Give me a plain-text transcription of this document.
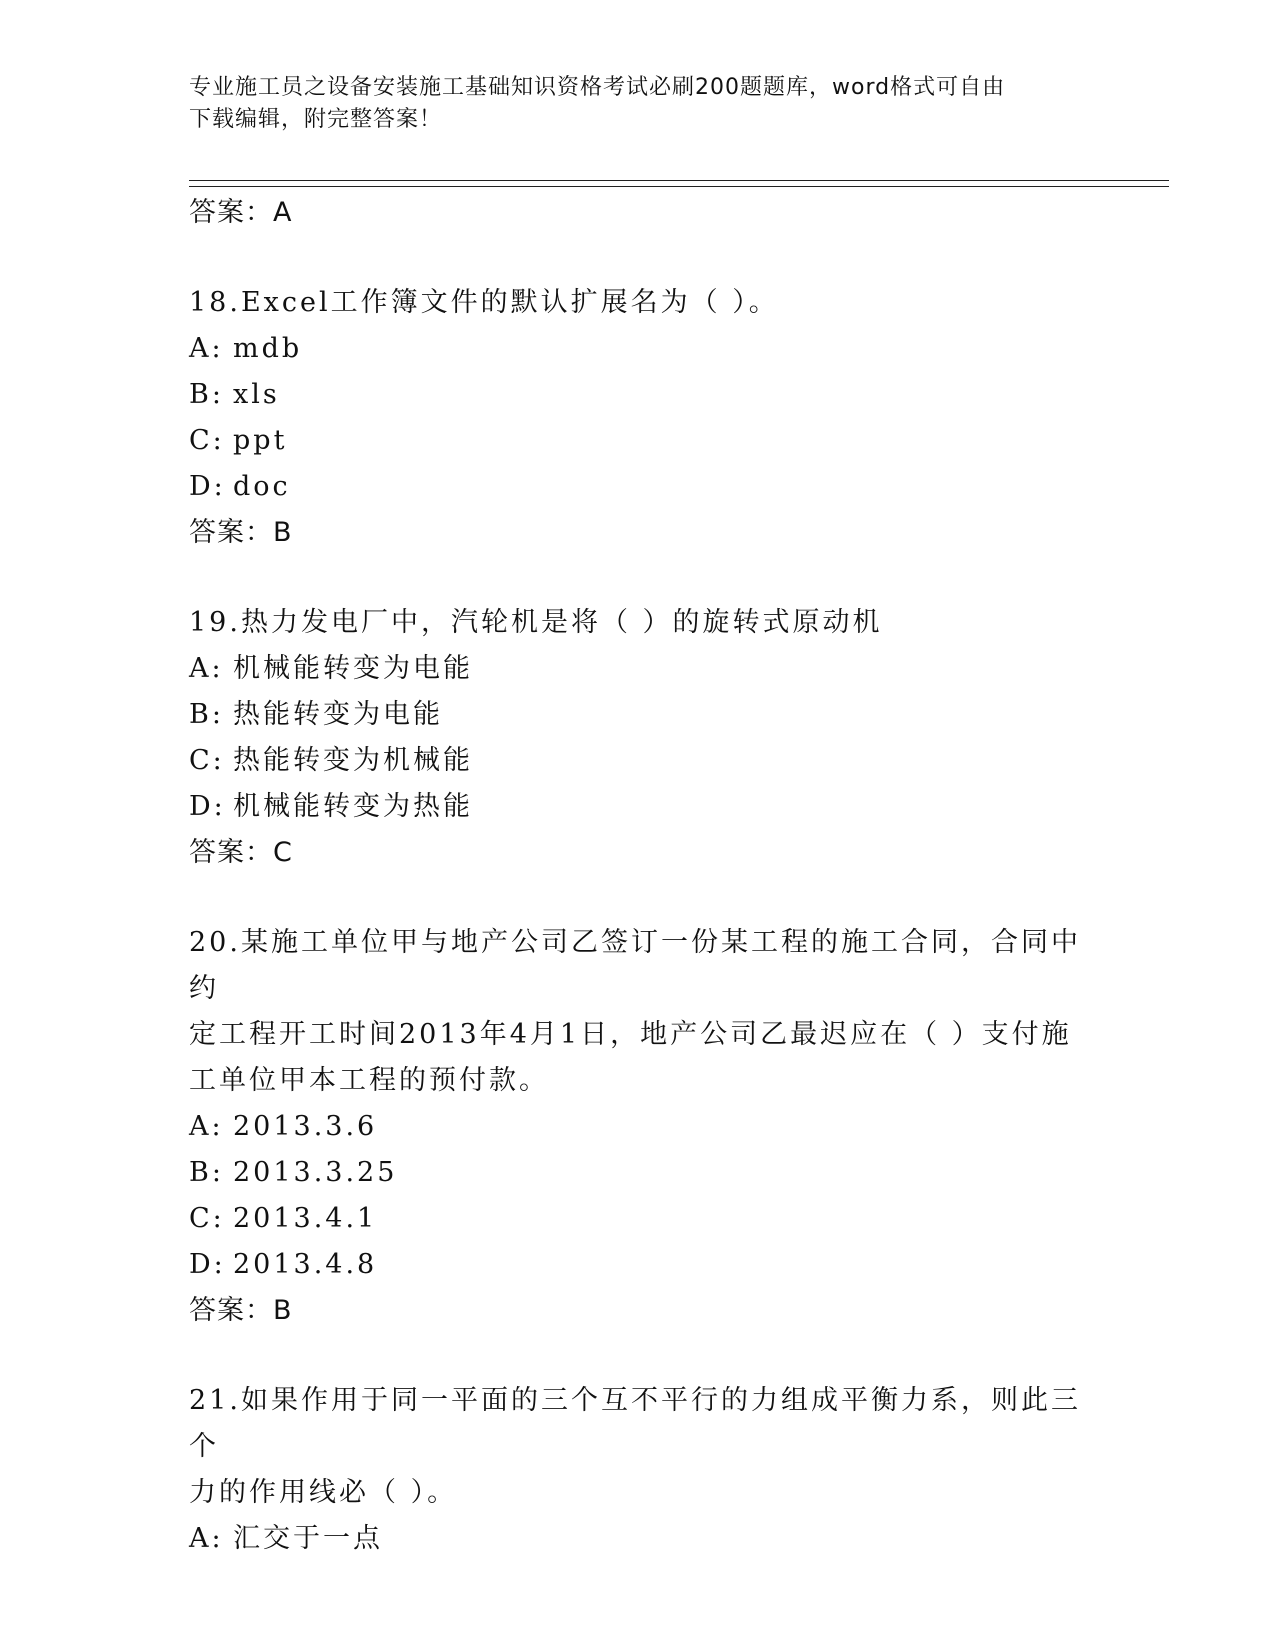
专业施工员之设备安装施工基础知识资格考试必刷200题题库，word格式可自由
下载编辑，附完整答案！
答案：A
18.Excel工作簿文件的默认扩展名为（ ）。
A: mdb
B: xls
C: ppt
D: doc
答案：B
19.热力发电厂中，汽轮机是将（ ）的旋转式原动机
A: 机械能转变为电能
B: 热能转变为电能
C: 热能转变为机械能
D: 机械能转变为热能
答案：C
20.某施工单位甲与地产公司乙签订一份某工程的施工合同，合同中约
定工程开工时间2013年4月1日，地产公司乙最迟应在（ ）支付施
工单位甲本工程的预付款。
A: 2013.3.6
B: 2013.3.25
C: 2013.4.1
D: 2013.4.8
答案：B
21.如果作用于同一平面的三个互不平行的力组成平衡力系，则此三个
力的作用线必（ ）。
A: 汇交于一点
